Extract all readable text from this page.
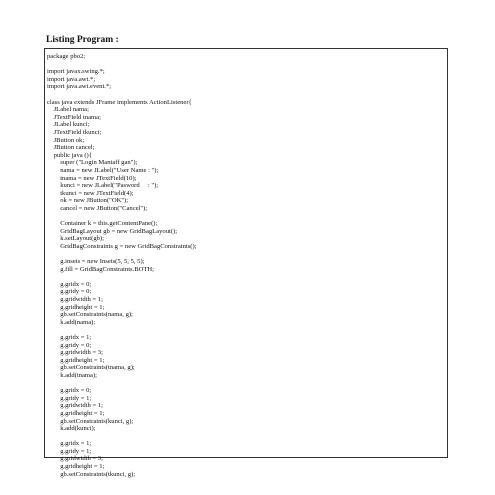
Listing Program :
package pbo2;
import javax.swing.*;
import java.awt.*;
import java.awt.event.*;
class java extends JFrame implements ActionListener{
JLabel nama;
JTextField tnama;
JLabel kunci;
JTextField tkunci;
JButton ok;
JButton cancel;
public java (){
super ("Login Mantaff gan");
nama = new JLabel("User Name : ");
tnama = new JTextField(10);
kunci = new JLabel("Pasword     : ");
tkunci = new JTextField(4);
ok = new JButton("OK");
cancel = new JButton("Cancel");
Container k = this.getContentPane();
GridBagLayout gb = new GridBagLayout();
k.setLayout(gb);
GridBagConstraints g = new GridBagConstraints();
g.insets = new Insets(5, 5, 5, 5);
g.fill = GridBagConstraints.BOTH;
g.gridx = 0;
g.gridy = 0;
g.gridwidth = 1;
g.gridheight = 1;
gb.setConstraints(nama, g);
k.add(nama);
g.gridx = 1;
g.gridy = 0;
g.gridwidth = 3;
g.gridheight = 1;
gb.setConstraints(tnama, g);
k.add(tnama);
g.gridx = 0;
g.gridy = 1;
g.gridwidth = 1;
g.gridheight = 1;
gb.setConstraints(kunci, g);
k.add(kunci);
g.gridx = 1;
g.gridy = 1;
g.gridwidth = 3;
g.gridheight = 1;
gb.setConstraints(tkunci, g);
